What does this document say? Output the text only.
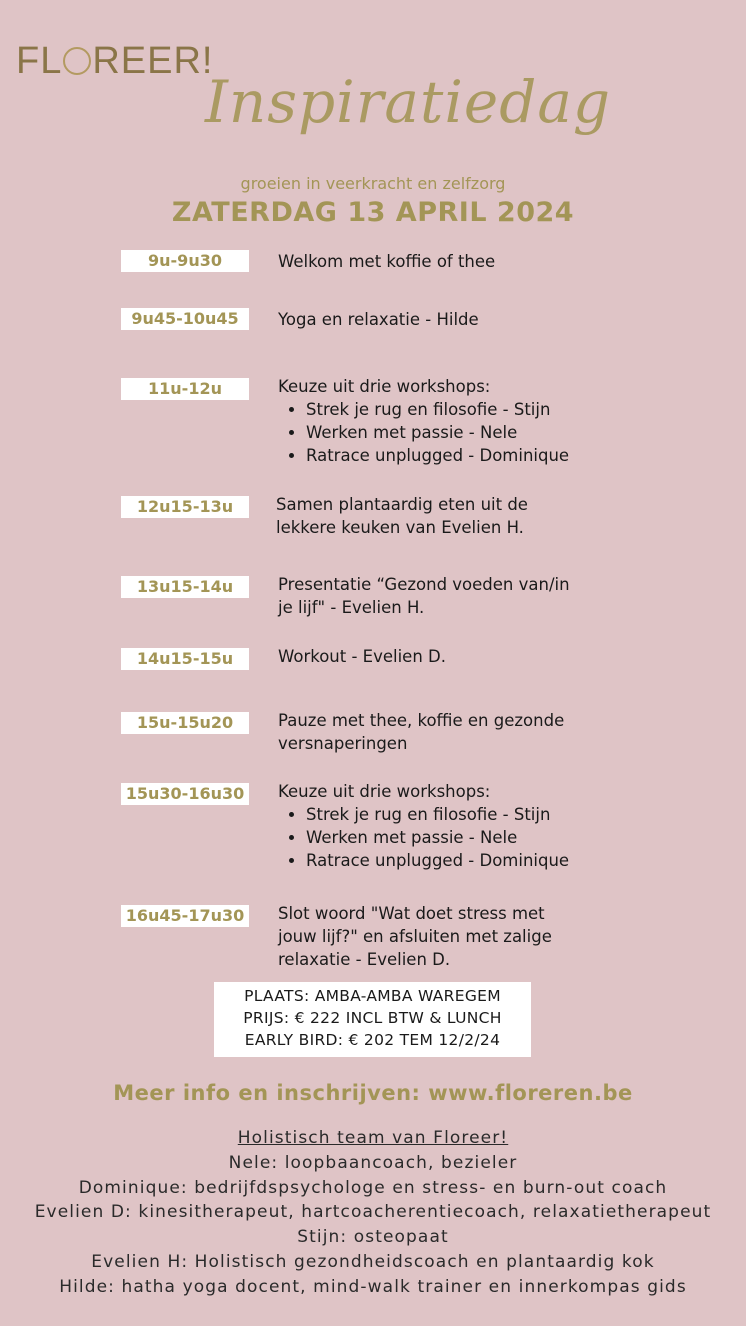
FL REER!
Inspiratiedag
groeien in veerkracht en zelfzorg
ZATERDAG 13 APRIL 2024
9u-9u30	Welkom met koffie of thee
9u45-10u45	Yoga en relaxatie - Hilde
11u-12u	Keuze uit drie workshops:
• Strek je rug en filosofie - Stijn
• Werken met passie - Nele
• Ratrace unplugged - Dominique
12u15-13u	Samen plantaardig eten uit de
lekkere keuken van Evelien H.
13u15-14u	Presentatie “Gezond voeden van/in
je lijf" - Evelien H.
14u15-15u	Workout - Evelien D.
15u-15u20	Pauze met thee, koffie en gezonde
versnaperingen
15u30-16u30 Keuze uit drie workshops:
• Strek je rug en filosofie - Stijn
• Werken met passie - Nele
• Ratrace unplugged - Dominique
16u45-17u30 Slot woord "Wat doet stress met
jouw lijf?" en afsluiten met zalige
relaxatie - Evelien D.
PLAATS: AMBA-AMBA WAREGEM
PRIJS: € 222 INCL BTW & LUNCH
EARLY BIRD: € 202 TEM 12/2/24
Meer info en inschrijven: www.floreren.be
Holistisch team van Floreer!
Nele: loopbaancoach, bezieler
Dominique: bedrijfdspsychologe en stress- en burn-out coach
Evelien D: kinesitherapeut, hartcoacherentiecoach, relaxatietherapeut
Stijn: osteopaat
Evelien H: Holistisch gezondheidscoach en plantaardig kok
Hilde: hatha yoga docent, mind-walk trainer en innerkompas gids
